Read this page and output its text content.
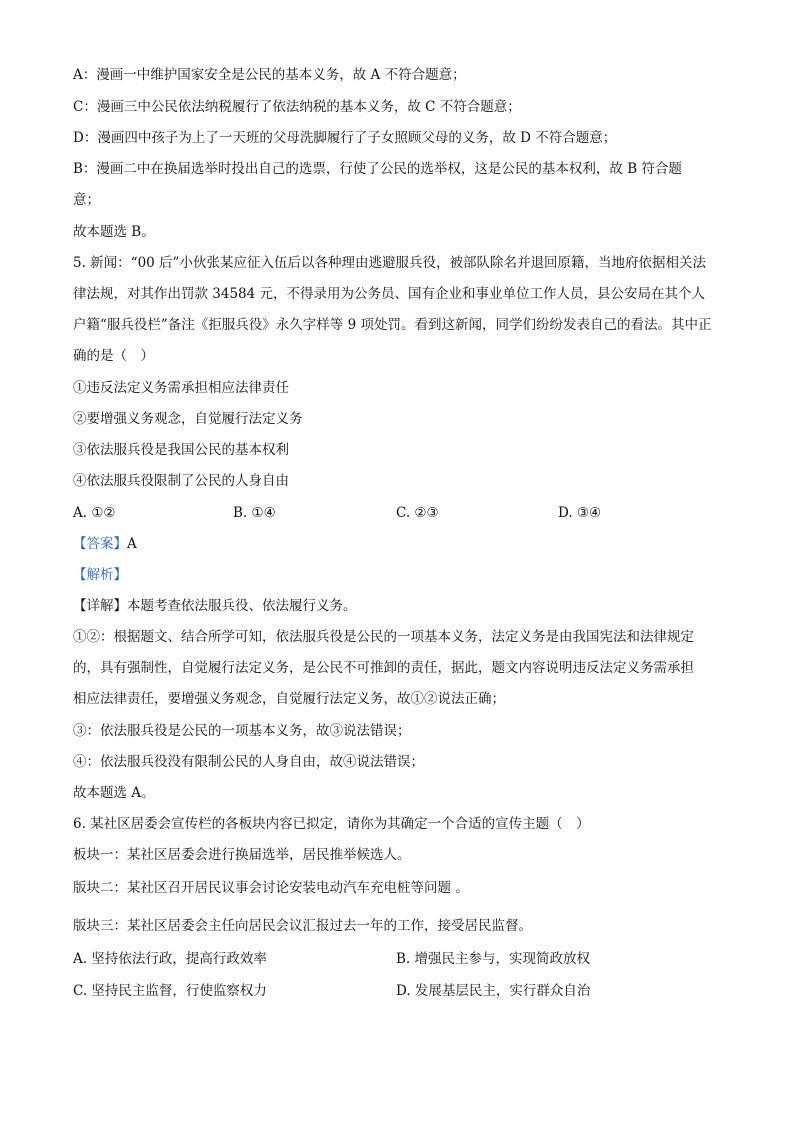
A：漫画一中维护国家安全是公民的基本义务，故 A 不符合题意；
C：漫画三中公民依法纳税履行了依法纳税的基本义务，故 C 不符合题意；
D：漫画四中孩子为上了一天班的父母洗脚履行了子女照顾父母的义务，故 D 不符合题意；
B：漫画二中在换届选举时投出自己的选票，行使了公民的选举权，这是公民的基本权利，故 B 符合题
意；
故本题选 B。
5. 新闻：“00 后”小伙张某应征入伍后以各种理由逃避服兵役，被部队除名并退回原籍，当地府依据相关法
律法规，对其作出罚款 34584 元，不得录用为公务员、国有企业和事业单位工作人员，县公安局在其个人
户籍“服兵役栏”备注《拒服兵役》永久字样等 9 项处罚。看到这新闻，同学们纷纷发表自己的看法。其中正
确的是（　）
①违反法定义务需承担相应法律责任
②要增强义务观念，自觉履行法定义务
③依法服兵役是我国公民的基本权利
④依法服兵役限制了公民的人身自由
A. ①②	B. ①④	C. ②③	D. ③④
【答案】A
【解析】
【详解】本题考查依法服兵役、依法履行义务。
①②：根据题文、结合所学可知，依法服兵役是公民的一项基本义务，法定义务是由我国宪法和法律规定
的，具有强制性，自觉履行法定义务，是公民不可推卸的责任，据此，题文内容说明违反法定义务需承担
相应法律责任，要增强义务观念，自觉履行法定义务，故①②说法正确；
③：依法服兵役是公民的一项基本义务，故③说法错误；
④：依法服兵役没有限制公民的人身自由，故④说法错误；
故本题选 A。
6. 某社区居委会宣传栏的各板块内容已拟定，请你为其确定一个合适的宣传主题（　）
板块一：某社区居委会进行换届选举，居民推举候选人。
版块二：某社区召开居民议事会讨论安装电动汽车充电桩等问题 。
版块三：某社区居委会主任向居民会议汇报过去一年的工作，接受居民监督。
A. 坚持依法行政，提高行政效率	B. 增强民主参与，实现简政放权
C. 坚持民主监督，行使监察权力	D. 发展基层民主，实行群众自治
